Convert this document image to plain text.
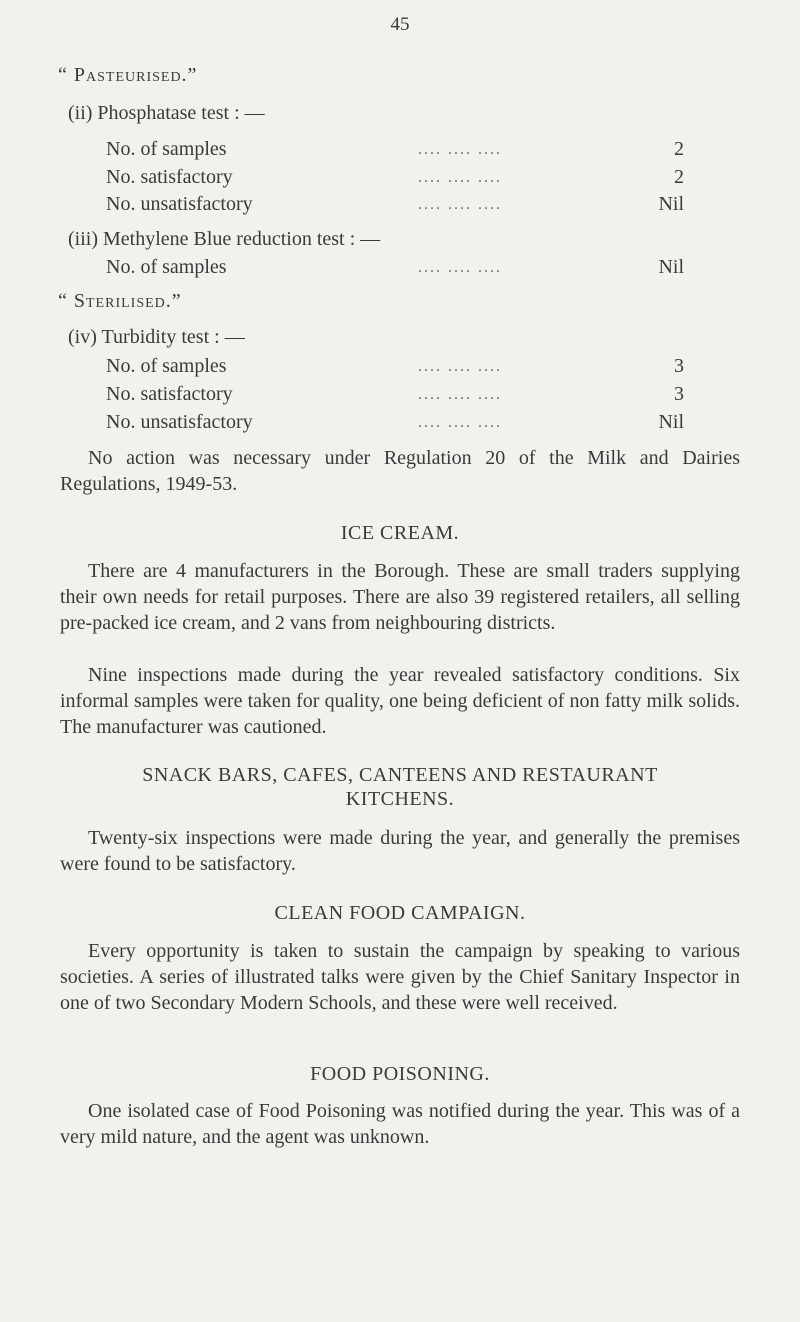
45
“ Pasteurised.”
(ii) Phosphatase test : —
No. of samples	.... .... ....	2
No. satisfactory	.... .... ....	2
No. unsatisfactory	.... .... ....	Nil
(iii) Methylene Blue reduction test : —
No. of samples	.... .... ....	Nil
“ Sterilised.”
(iv) Turbidity test : —
No. of samples	.... .... ....	3
No. satisfactory	.... .... ....	3
No. unsatisfactory	.... .... ....	Nil
No action was necessary under Regulation 20 of the Milk and Dairies Regulations, 1949-53.
ICE CREAM.
There are 4 manufacturers in the Borough. These are small traders supplying their own needs for retail purposes. There are also 39 registered retailers, all selling pre-packed ice cream, and 2 vans from neighbouring districts.
Nine inspections made during the year revealed satisfactory conditions. Six informal samples were taken for quality, one being deficient of non fatty milk solids. The manufacturer was cautioned.
SNACK BARS, CAFES, CANTEENS AND RESTAURANT
KITCHENS.
Twenty-six inspections were made during the year, and generally the premises were found to be satisfactory.
CLEAN FOOD CAMPAIGN.
Every opportunity is taken to sustain the campaign by speaking to various societies. A series of illustrated talks were given by the Chief Sanitary Inspector in one of two Secondary Modern Schools, and these were well received.
FOOD POISONING.
One isolated case of Food Poisoning was notified during the year. This was of a very mild nature, and the agent was unknown.
